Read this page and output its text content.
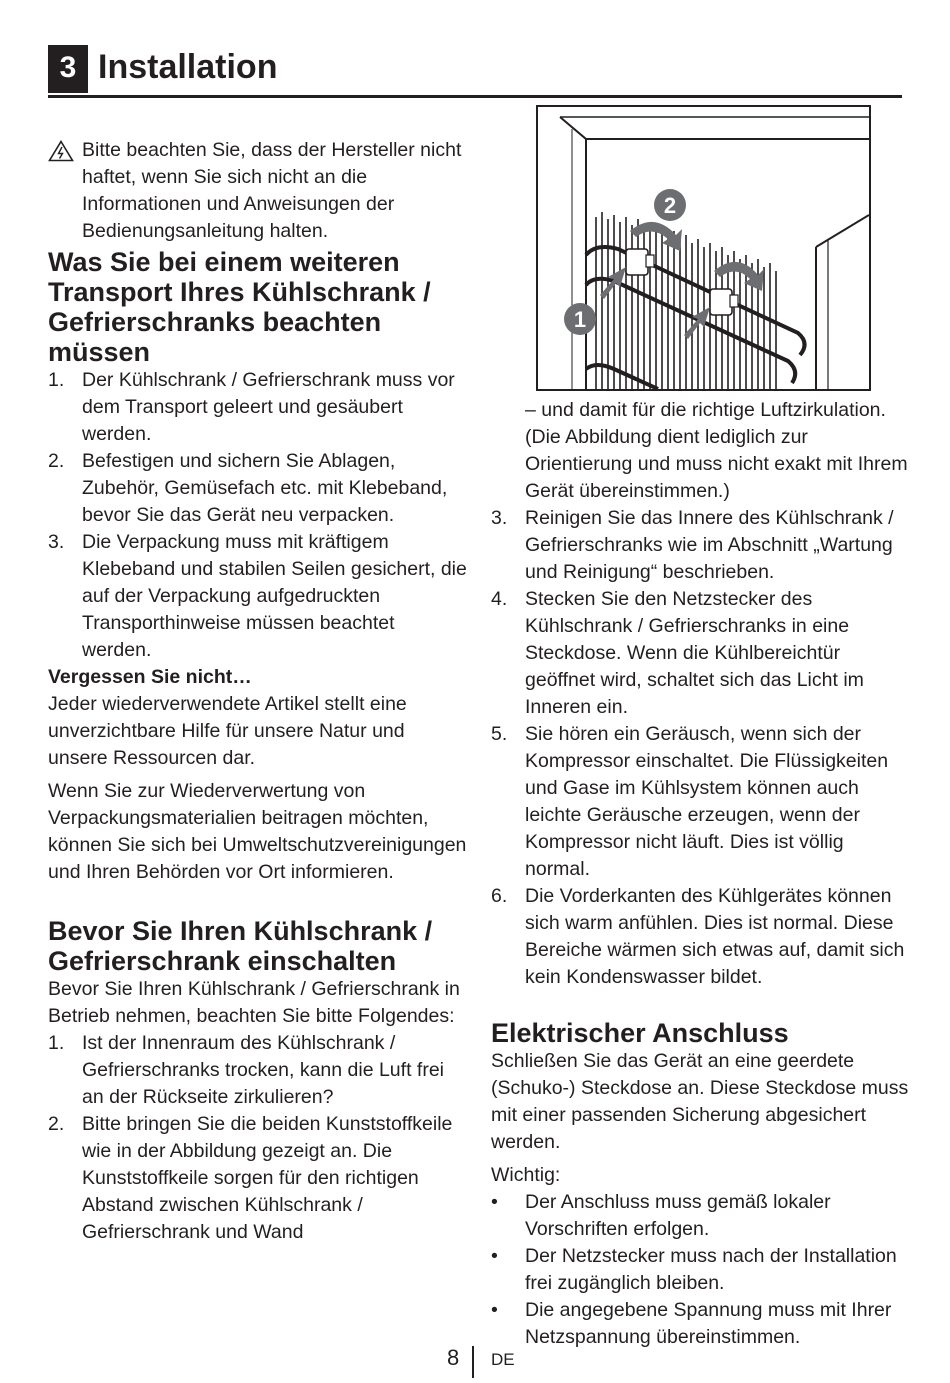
3 Installation

Bitte beachten Sie, dass der Hersteller nicht haftet, wenn Sie sich nicht an die Informationen und Anweisungen der Bedienungsanleitung halten.

Was Sie bei einem weiteren Transport Ihres Kühlschrank / Gefrierschranks beachten müssen
1. Der Kühlschrank / Gefrierschrank muss vor dem Transport geleert und gesäubert werden.
2. Befestigen und sichern Sie Ablagen, Zubehör, Gemüsefach etc. mit Klebeband, bevor Sie das Gerät neu verpacken.
3. Die Verpackung muss mit kräftigem Klebeband und stabilen Seilen gesichert, die auf der Verpackung aufgedruckten Transporthinweise müssen beachtet werden.

Vergessen Sie nicht…

Jeder wiederverwendete Artikel stellt eine unverzichtbare Hilfe für unsere Natur und unsere Ressourcen dar.

Wenn Sie zur Wiederverwertung von Verpackungsmaterialien beitragen möchten, können Sie sich bei Umweltschutzvereinigungen und Ihren Behörden vor Ort informieren.

Bevor Sie Ihren Kühlschrank / Gefrierschrank einschalten

Bevor Sie Ihren Kühlschrank / Gefrierschrank in Betrieb nehmen, beachten Sie bitte Folgendes:

1. Ist der Innenraum des Kühlschrank / Gefrierschranks trocken, kann die Luft frei an der Rückseite zirkulieren?
2. Bitte bringen Sie die beiden Kunststoffkeile wie in der Abbildung gezeigt an. Die Kunststoffkeile sorgen für den richtigen Abstand zwischen Kühlschrank / Gefrierschrank und Wand
2
1

– und damit für die richtige Luftzirkulation. (Die Abbildung dient lediglich zur Orientierung und muss nicht exakt mit Ihrem Gerät übereinstimmen.)

3. Reinigen Sie das Innere des Kühlschrank / Gefrierschranks wie im Abschnitt „Wartung und Reinigung“ beschrieben.
4. Stecken Sie den Netzstecker des Kühlschrank / Gefrierschranks in eine Steckdose. Wenn die Kühlbereichtür geöffnet wird, schaltet sich das Licht im Inneren ein.
5. Sie hören ein Geräusch, wenn sich der Kompressor einschaltet. Die Flüssigkeiten und Gase im Kühlsystem können auch leichte Geräusche erzeugen, wenn der Kompressor nicht läuft. Dies ist völlig normal.
6. Die Vorderkanten des Kühlgerätes können sich warm anfühlen. Dies ist normal. Diese Bereiche wärmen sich etwas auf, damit sich kein Kondenswasser bildet.
Elektrischer Anschluss

Schließen Sie das Gerät an eine geerdete (Schuko-) Steckdose an. Diese Steckdose muss mit einer passenden Sicherung abgesichert werden.

Wichtig:

• Der Anschluss muss gemäß lokaler Vorschriften erfolgen.
• Der Netzstecker muss nach der Installation frei zugänglich bleiben.
• Die angegebene Spannung muss mit Ihrer Netzspannung übereinstimmen.
8 DE
